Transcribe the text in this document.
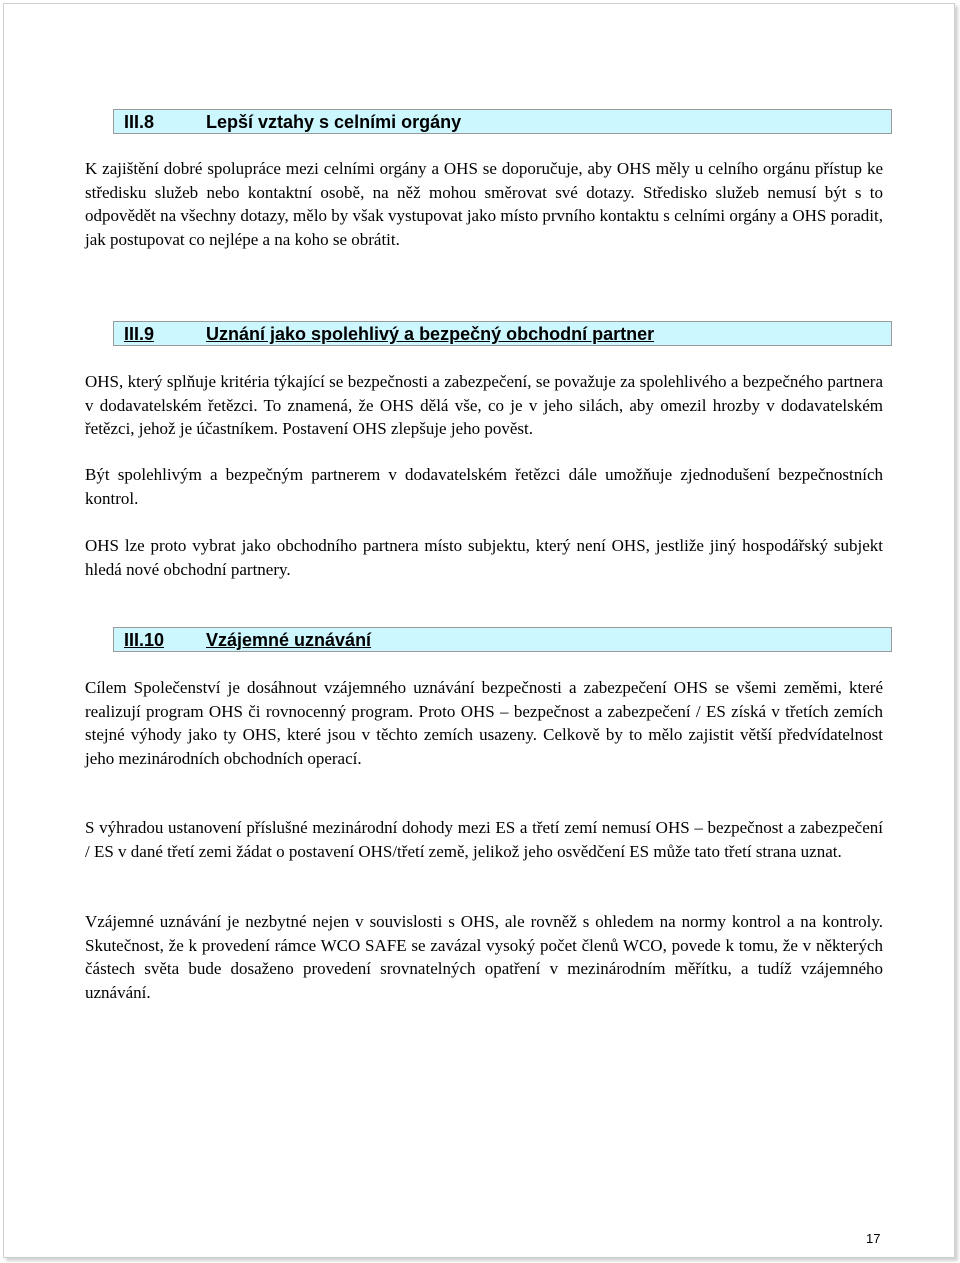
III.8	Lepší vztahy s celními orgány

K zajištění dobré spolupráce mezi celními orgány a OHS se doporučuje, aby OHS měly u celního orgánu přístup ke středisku služeb nebo kontaktní osobě, na něž mohou směrovat své dotazy. Středisko služeb nemusí být s to odpovědět na všechny dotazy, mělo by však vystupovat jako místo prvního kontaktu s celními orgány a OHS poradit, jak postupovat co nejlépe a na koho se obrátit.

III.9	Uznání jako spolehlivý a bezpečný obchodní partner

OHS, který splňuje kritéria týkající se bezpečnosti a zabezpečení, se považuje za spolehlivého a bezpečného partnera v dodavatelském řetězci. To znamená, že OHS dělá vše, co je v jeho silách, aby omezil hrozby v dodavatelském řetězci, jehož je účastníkem. Postavení OHS zlepšuje jeho pověst.

Být spolehlivým a bezpečným partnerem v dodavatelském řetězci dále umožňuje zjednodušení bezpečnostních kontrol.

OHS lze proto vybrat jako obchodního partnera místo subjektu, který není OHS, jestliže jiný hospodářský subjekt hledá nové obchodní partnery.

III.10 Vzájemné uznávání

Cílem Společenství je dosáhnout vzájemného uznávání bezpečnosti a zabezpečení OHS se všemi zeměmi, které realizují program OHS či rovnocenný program. Proto OHS – bezpečnost a zabezpečení / ES získá v třetích zemích stejné výhody jako ty OHS, které jsou v těchto zemích usazeny. Celkově by to mělo zajistit větší předvídatelnost jeho mezinárodních obchodních operací.

S výhradou ustanovení příslušné mezinárodní dohody mezi ES a třetí zemí nemusí OHS – bezpečnost a zabezpečení / ES v dané třetí zemi žádat o postavení OHS/třetí země, jelikož jeho osvědčení ES může tato třetí strana uznat.

Vzájemné uznávání je nezbytné nejen v souvislosti s OHS, ale rovněž s ohledem na normy kontrol a na kontroly. Skutečnost, že k provedení rámce WCO SAFE se zavázal vysoký počet členů WCO, povede k tomu, že v některých částech světa bude dosaženo provedení srovnatelných opatření v mezinárodním měřítku, a tudíž vzájemného uznávání.

17
